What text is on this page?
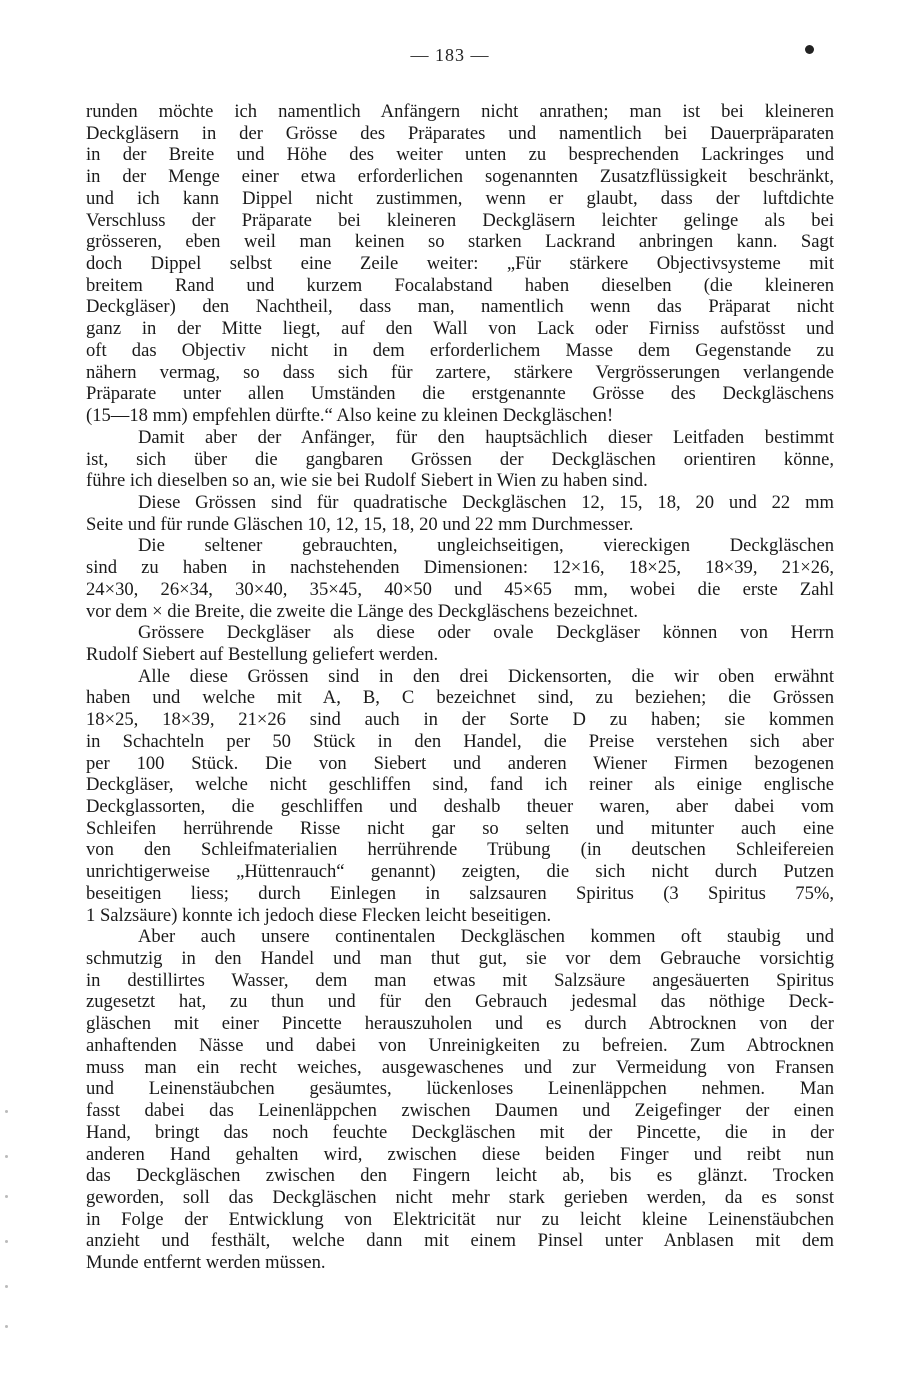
— 183 —
runden möchte ich namentlich Anfängern nicht anrathen; man ist bei kleineren
Deckgläsern in der Grösse des Präparates und namentlich bei Dauerpräparaten
in der Breite und Höhe des weiter unten zu besprechenden Lackringes und
in der Menge einer etwa erforderlichen sogenannten Zusatzflüssigkeit beschränkt,
und ich kann Dippel nicht zustimmen, wenn er glaubt, dass der luftdichte
Verschluss der Präparate bei kleineren Deckgläsern leichter gelinge als bei
grösseren, eben weil man keinen so starken Lackrand anbringen kann. Sagt
doch Dippel selbst eine Zeile weiter: „Für stärkere Objectivsysteme mit
breitem Rand und kurzem Focalabstand haben dieselben (die kleineren
Deckgläser) den Nachtheil, dass man, namentlich wenn das Präparat nicht
ganz in der Mitte liegt, auf den Wall von Lack oder Firniss aufstösst und
oft das Objectiv nicht in dem erforderlichem Masse dem Gegenstande zu
nähern vermag, so dass sich für zartere, stärkere Vergrösserungen verlangende
Präparate unter allen Umständen die erstgenannte Grösse des Deckgläschens
(15—18 mm) empfehlen dürfte.“ Also keine zu kleinen Deckgläschen!
Damit aber der Anfänger, für den hauptsächlich dieser Leitfaden bestimmt
ist, sich über die gangbaren Grössen der Deckgläschen orientiren könne,
führe ich dieselben so an, wie sie bei Rudolf Siebert in Wien zu haben sind.
Diese Grössen sind für quadratische Deckgläschen 12, 15, 18, 20 und 22 mm
Seite und für runde Gläschen 10, 12, 15, 18, 20 und 22 mm Durchmesser.
Die seltener gebrauchten, ungleichseitigen, viereckigen Deckgläschen
sind zu haben in nachstehenden Dimensionen: 12×16, 18×25, 18×39, 21×26,
24×30, 26×34, 30×40, 35×45, 40×50 und 45×65 mm, wobei die erste Zahl
vor dem × die Breite, die zweite die Länge des Deckgläschens bezeichnet.
Grössere Deckgläser als diese oder ovale Deckgläser können von Herrn
Rudolf Siebert auf Bestellung geliefert werden.
Alle diese Grössen sind in den drei Dickensorten, die wir oben erwähnt
haben und welche mit A, B, C bezeichnet sind, zu beziehen; die Grössen
18×25, 18×39, 21×26 sind auch in der Sorte D zu haben; sie kommen
in Schachteln per 50 Stück in den Handel, die Preise verstehen sich aber
per 100 Stück. Die von Siebert und anderen Wiener Firmen bezogenen
Deckgläser, welche nicht geschliffen sind, fand ich reiner als einige englische
Deckglassorten, die geschliffen und deshalb theuer waren, aber dabei vom
Schleifen herrührende Risse nicht gar so selten und mitunter auch eine
von den Schleifmaterialien herrührende Trübung (in deutschen Schleifereien
unrichtigerweise „Hüttenrauch“ genannt) zeigten, die sich nicht durch Putzen
beseitigen liess; durch Einlegen in salzsauren Spiritus (3 Spiritus 75%,
1 Salzsäure) konnte ich jedoch diese Flecken leicht beseitigen.
Aber auch unsere continentalen Deckgläschen kommen oft staubig und
schmutzig in den Handel und man thut gut, sie vor dem Gebrauche vorsichtig
in destillirtes Wasser, dem man etwas mit Salzsäure angesäuerten Spiritus
zugesetzt hat, zu thun und für den Gebrauch jedesmal das nöthige Deck-
gläschen mit einer Pincette herauszuholen und es durch Abtrocknen von der
anhaftenden Nässe und dabei von Unreinigkeiten zu befreien. Zum Abtrocknen
muss man ein recht weiches, ausgewaschenes und zur Vermeidung von Fransen
und Leinenstäubchen gesäumtes, lückenloses Leinenläppchen nehmen. Man
fasst dabei das Leinenläppchen zwischen Daumen und Zeigefinger der einen
Hand, bringt das noch feuchte Deckgläschen mit der Pincette, die in der
anderen Hand gehalten wird, zwischen diese beiden Finger und reibt nun
das Deckgläschen zwischen den Fingern leicht ab, bis es glänzt. Trocken
geworden, soll das Deckgläschen nicht mehr stark gerieben werden, da es sonst
in Folge der Entwicklung von Elektricität nur zu leicht kleine Leinenstäubchen
anzieht und festhält, welche dann mit einem Pinsel unter Anblasen mit dem
Munde entfernt werden müssen.
